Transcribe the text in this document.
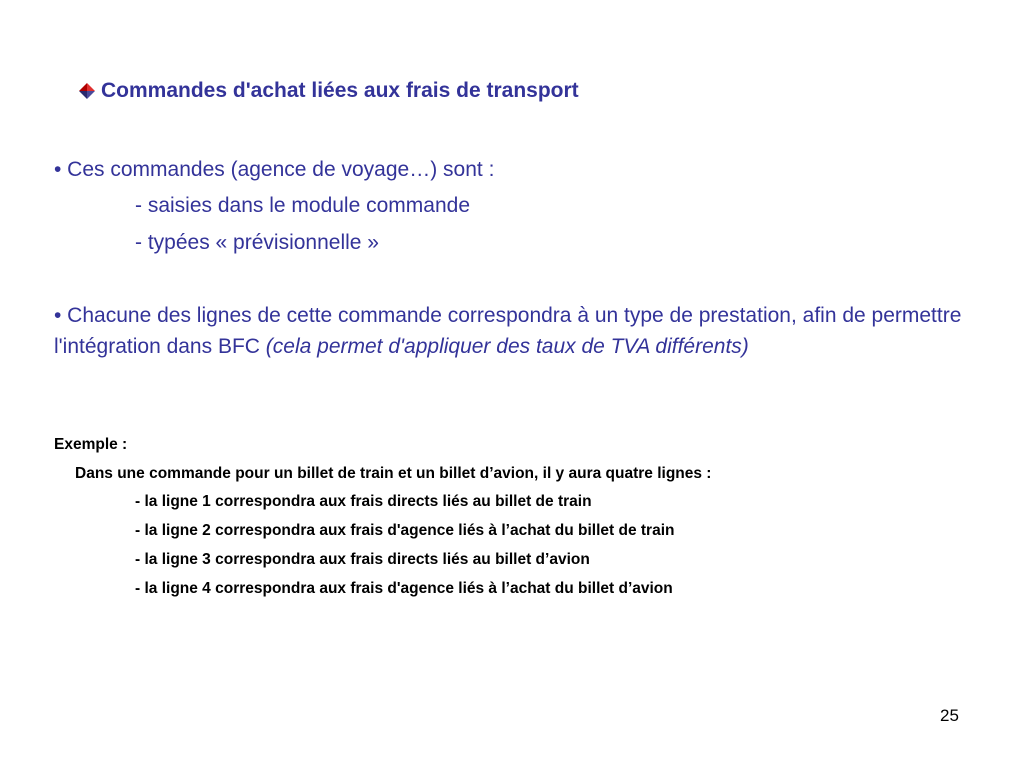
Commandes d'achat liées aux frais de transport
• Ces commandes (agence de voyage…) sont :
- saisies dans le module commande
- typées « prévisionnelle »
• Chacune des lignes de cette commande correspondra à un type de prestation, afin de permettre l'intégration dans BFC (cela permet d'appliquer des taux de TVA différents)
Exemple :
Dans une commande pour un billet de train et un billet d’avion, il y aura quatre lignes :
- la ligne 1 correspondra aux frais directs liés au billet de train
- la ligne 2 correspondra aux frais d'agence liés à l’achat du billet de train
- la ligne 3 correspondra aux frais directs liés au billet d’avion
- la ligne 4 correspondra aux frais d'agence liés à l’achat du billet d’avion
25
